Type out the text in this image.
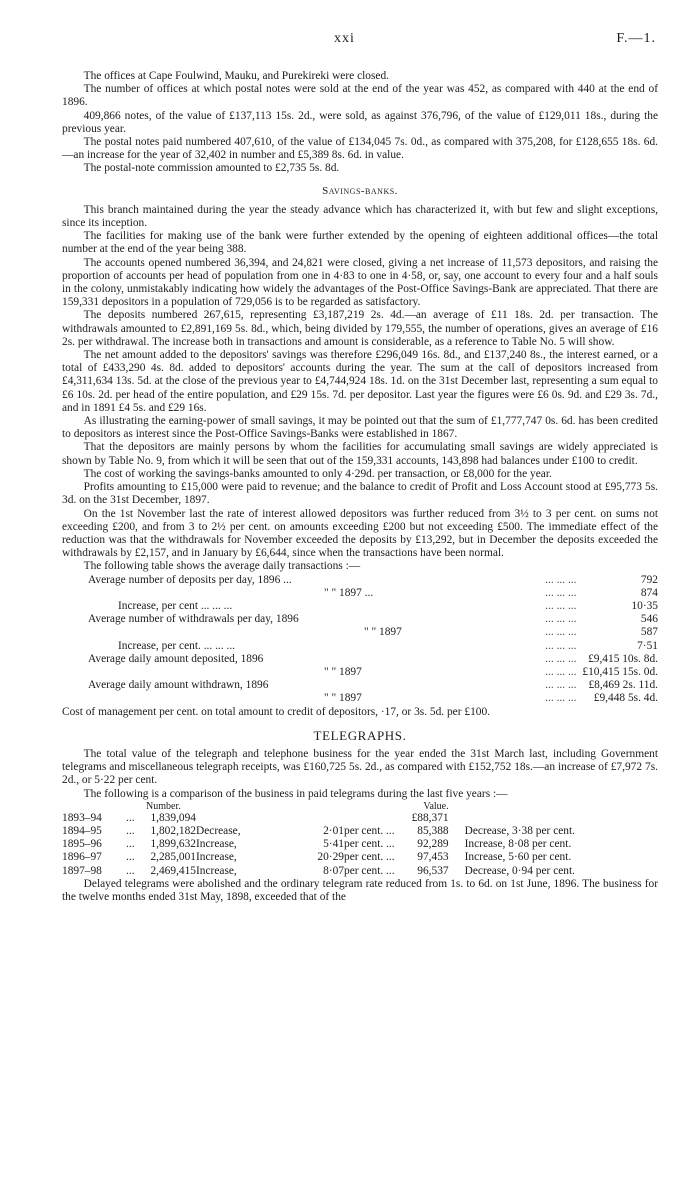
xxi	F.—1.

The offices at Cape Foulwind, Mauku, and Purekireki were closed.

The number of offices at which postal notes were sold at the end of the year was 452, as compared with 440 at the end of 1896.

409,866 notes, of the value of £137,113 15s. 2d., were sold, as against 376,796, of the value of £129,011 18s., during the previous year.

The postal notes paid numbered 407,610, of the value of £134,045 7s. 0d., as compared with 375,208, for £128,655 18s. 6d.—an increase for the year of 32,402 in number and £5,389 8s. 6d. in value.

The postal-note commission amounted to £2,735 5s. 8d.

Savings-banks.

This branch maintained during the year the steady advance which has characterized it, with but few and slight exceptions, since its inception.

The facilities for making use of the bank were further extended by the opening of eighteen additional offices—the total number at the end of the year being 388.

The accounts opened numbered 36,394, and 24,821 were closed, giving a net increase of 11,573 depositors, and raising the proportion of accounts per head of population from one in 4·83 to one in 4·58, or, say, one account to every four and a half souls in the colony, unmistakably indicating how widely the advantages of the Post-Office Savings-Bank are appreciated. That there are 159,331 depositors in a population of 729,056 is to be regarded as satisfactory.

The deposits numbered 267,615, representing £3,187,219 2s. 4d.—an average of £11 18s. 2d. per transaction. The withdrawals amounted to £2,891,169 5s. 8d., which, being divided by 179,555, the number of operations, gives an average of £16 2s. per withdrawal. The increase both in transactions and amount is considerable, as a reference to Table No. 5 will show.

The net amount added to the depositors' savings was therefore £296,049 16s. 8d., and £137,240 8s., the interest earned, or a total of £433,290 4s. 8d. added to depositors' accounts during the year. The sum at the call of depositors increased from £4,311,634 13s. 5d. at the close of the previous year to £4,744,924 18s. 1d. on the 31st December last, representing a sum equal to £6 10s. 2d. per head of the entire population, and £29 15s. 7d. per depositor. Last year the figures were £6 0s. 9d. and £29 3s. 7d., and in 1891 £4 5s. and £29 16s.

As illustrating the earning-power of small savings, it may be pointed out that the sum of £1,777,747 0s. 6d. has been credited to depositors as interest since the Post-Office Savings-Banks were established in 1867.

That the depositors are mainly persons by whom the facilities for accumulating small savings are widely appreciated is shown by Table No. 9, from which it will be seen that out of the 159,331 accounts, 143,898 had balances under £100 to credit.

The cost of working the savings-banks amounted to only 4·29d. per transaction, or £8,000 for the year.

Profits amounting to £15,000 were paid to revenue; and the balance to credit of Profit and Loss Account stood at £95,773 5s. 3d. on the 31st December, 1897.

On the 1st November last the rate of interest allowed depositors was further reduced from 3½ to 3 per cent. on sums not exceeding £200, and from 3 to 2½ per cent. on amounts exceeding £200 but not exceeding £500. The immediate effect of the reduction was that the withdrawals for November exceeded the deposits by £13,292, but in December the deposits exceeded the withdrawals by £2,157, and in January by £6,644, since when the transactions have been normal.

The following table shows the average daily transactions :—

Average number of deposits per day, 1896 ...	... ... ...	792
" " 1897 ...	... ... ...	874
Increase, per cent ... ... ...	... ... ...	10·35
Average number of withdrawals per day, 1896	... ... ...	546
" " 1897	... ... ...	587
Increase, per cent. ... ... ...	... ... ...	7·51
Average daily amount deposited, 1896	... ... ...	£9,415 10s. 8d.
" " 1897	... ... ...	£10,415 15s. 0d.
Average daily amount withdrawn, 1896	... ... ...	£8,469 2s. 11d.
" " 1897	... ... ...	£9,448 5s. 4d.

Cost of management per cent. on total amount to credit of depositors, ·17, or 3s. 5d. per £100.

TELEGRAPHS.

The total value of the telegraph and telephone business for the year ended the 31st March last, including Government telegrams and miscellaneous telegraph receipts, was £160,725 5s. 2d., as compared with £152,752 18s.—an increase of £7,972 7s. 2d., or 5·22 per cent.

The following is a comparison of the business in paid telegrams during the last five years :—

		Number.				Value.	
1893–94	...	1,839,094				£88,371	
1894–95	...	1,802,182	Decrease,	2·01	per cent. ...	85,388	Decrease, 3·38 per cent.
1895–96	...	1,899,632	Increase,	5·41	per cent. ...	92,289	Increase, 8·08 per cent.
1896–97	...	2,285,001	Increase,	20·29	per cent. ...	97,453	Increase, 5·60 per cent.
1897–98	...	2,469,415	Increase,	8·07	per cent. ...	96,537	Decrease, 0·94 per cent.

Delayed telegrams were abolished and the ordinary telegram rate reduced from 1s. to 6d. on 1st June, 1896. The business for the twelve months ended 31st May, 1898, exceeded that of the
